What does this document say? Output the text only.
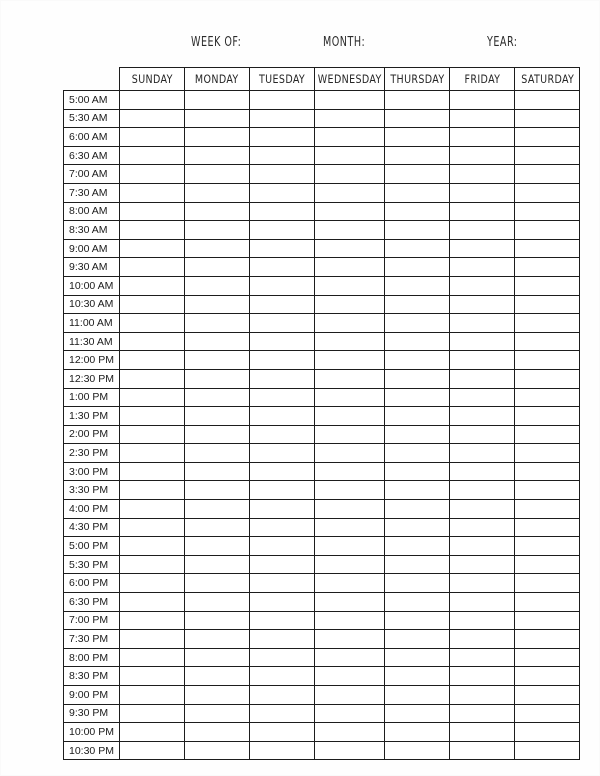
WEEK OF:	MONTH:	YEAR:
	SUNDAY	MONDAY	TUESDAY	WEDNESDAY	THURSDAY	FRIDAY	SATURDAY
5:00 AM							
5:30 AM							
6:00 AM							
6:30 AM							
7:00 AM							
7:30 AM							
8:00 AM							
8:30 AM							
9:00 AM							
9:30 AM							
10:00 AM							
10:30 AM							
11:00 AM							
11:30 AM							
12:00 PM							
12:30 PM							
1:00 PM							
1:30 PM							
2:00 PM							
2:30 PM							
3:00 PM							
3:30 PM							
4:00 PM							
4:30 PM							
5:00 PM							
5:30 PM							
6:00 PM							
6:30 PM							
7:00 PM							
7:30 PM							
8:00 PM							
8:30 PM							
9:00 PM							
9:30 PM							
10:00 PM							
10:30 PM							
